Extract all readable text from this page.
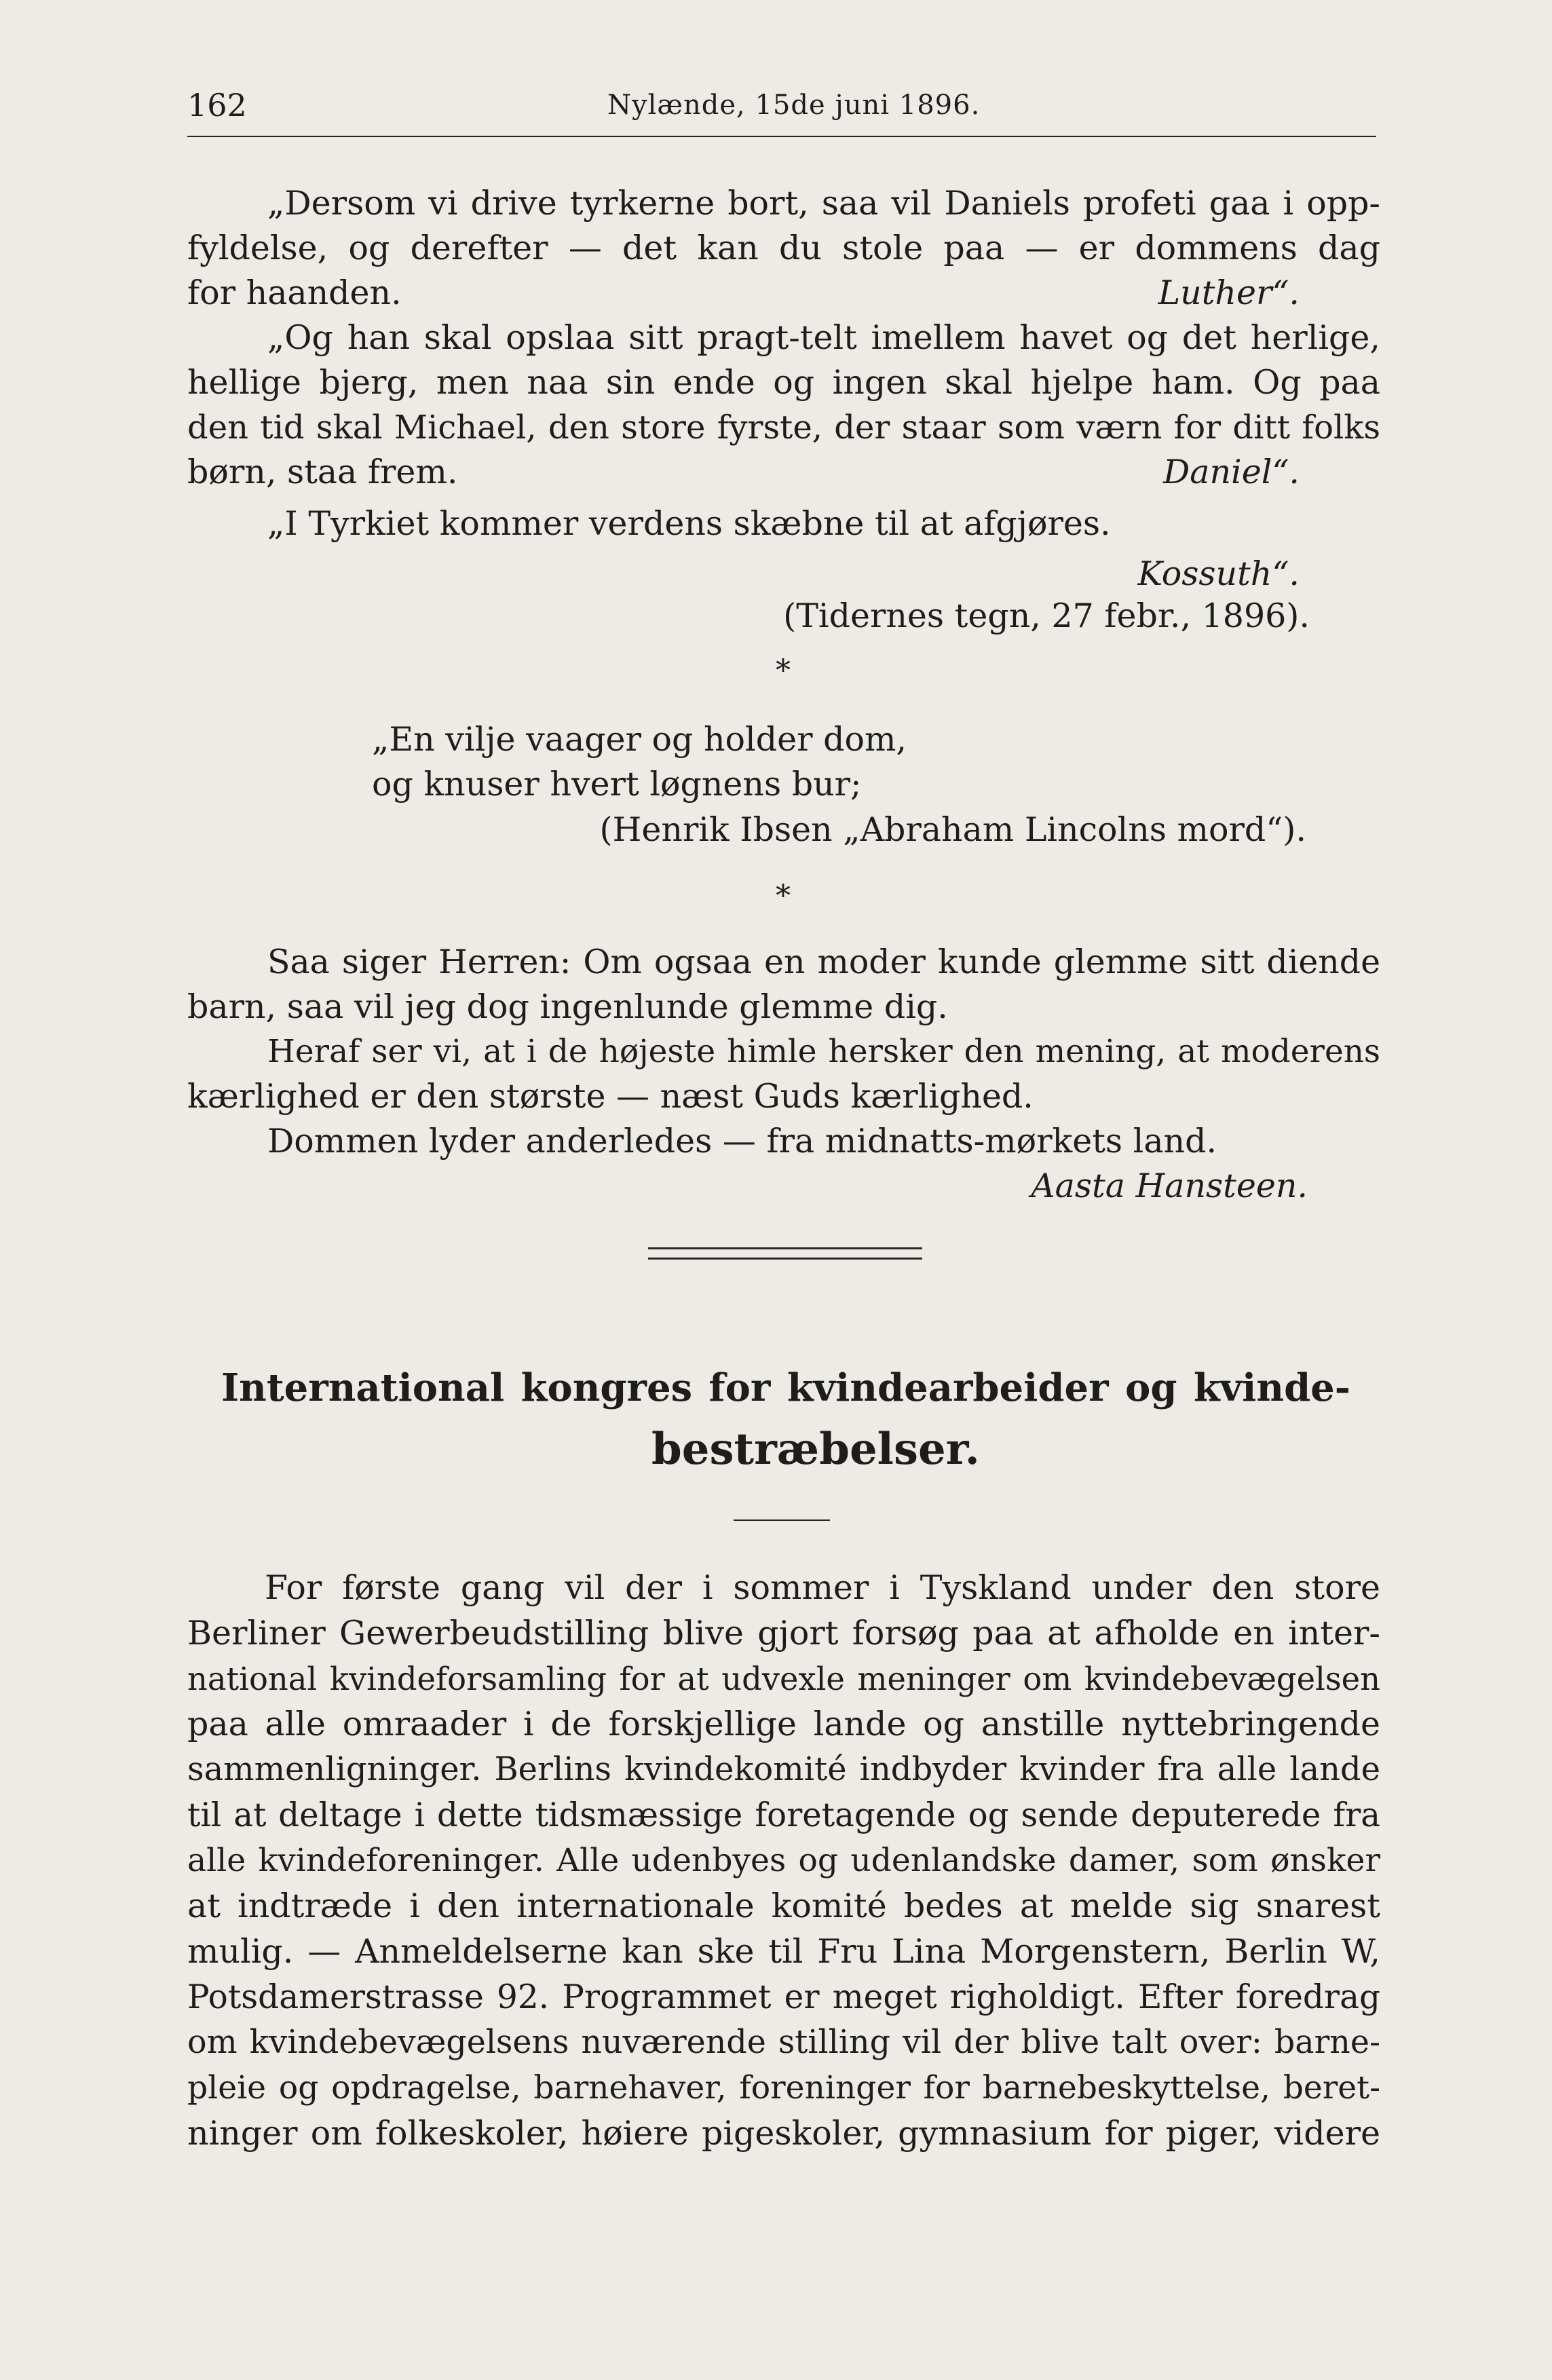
162	Nylænde, 15de juni 1896.
„Dersom vi drive tyrkerne bort, saa vil Daniels profeti gaa i opp-
fyldelse, og derefter — det kan du stole paa — er dommens dag
for haanden.	Luther“.
„Og han skal opslaa sitt pragt-telt imellem havet og det herlige,
hellige bjerg, men naa sin ende og ingen skal hjelpe ham. Og paa
den tid skal Michael, den store fyrste, der staar som værn for ditt folks
børn, staa frem.	Daniel“.
„I Tyrkiet kommer verdens skæbne til at afgjøres.
Kossuth“.
(Tidernes tegn, 27 febr., 1896).
*
„En vilje vaager og holder dom,
og knuser hvert løgnens bur;
(Henrik Ibsen „Abraham Lincolns mord“).
*
Saa siger Herren: Om ogsaa en moder kunde glemme sitt diende
barn, saa vil jeg dog ingenlunde glemme dig.
Heraf ser vi, at i de højeste himle hersker den mening, at moderens
kærlighed er den største — næst Guds kærlighed.
Dommen lyder anderledes — fra midnatts-mørkets land.
Aasta Hansteen.
International kongres for kvindearbeider og kvinde-
bestræbelser.
For første gang vil der i sommer i Tyskland under den store
Berliner Gewerbeudstilling blive gjort forsøg paa at afholde en inter-
national kvindeforsamling for at udvexle meninger om kvindebevægelsen
paa alle omraader i de forskjellige lande og anstille nyttebringende
sammenligninger. Berlins kvindekomité indbyder kvinder fra alle lande
til at deltage i dette tidsmæssige foretagende og sende deputerede fra
alle kvindeforeninger. Alle udenbyes og udenlandske damer, som ønsker
at indtræde i den internationale komité bedes at melde sig snarest
mulig. — Anmeldelserne kan ske til Fru Lina Morgenstern, Berlin W,
Potsdamerstrasse 92. Programmet er meget righoldigt. Efter foredrag
om kvindebevægelsens nuværende stilling vil der blive talt over: barne-
pleie og opdragelse, barnehaver, foreninger for barnebeskyttelse, beret-
ninger om folkeskoler, høiere pigeskoler, gymnasium for piger, videre
